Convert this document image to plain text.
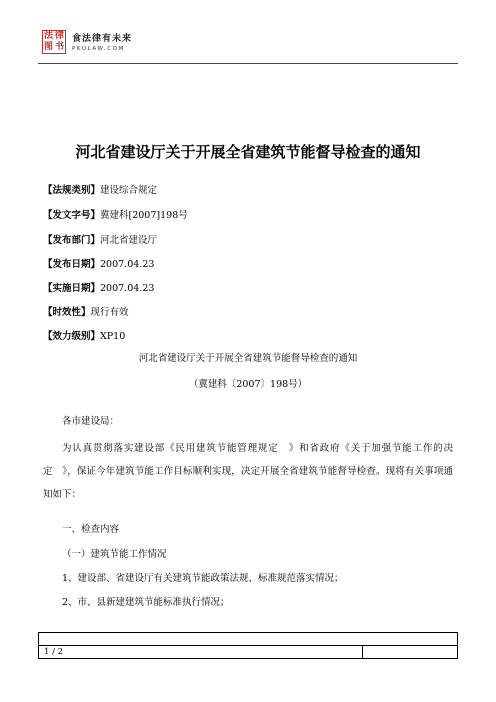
法 律
图 书
食法律有未来
PKULAW.COM
河北省建设厅关于开展全省建筑节能督导检查的通知
【法规类别】建设综合规定
【发文字号】冀建科[2007]198号
【发布部门】河北省建设厅
【发布日期】2007.04.23
【实施日期】2007.04.23
【时效性】现行有效
【效力级别】XP10
河北省建设厅关于开展全省建筑节能督导检查的通知
（冀建科〔2007〕198号）
各市建设局：
为认真贯彻落实建设部《民用建筑节能管理规定　》和省政府《关于加强节能工作的决定　》，保证今年建筑节能工作目标顺利实现，决定开展全省建筑节能督导检查。现将有关事项通知如下：
一、检查内容
（一）建筑节能工作情况
1、建设部、省建设厅有关建筑节能政策法规、标准规范落实情况；
2、市、县新建建筑节能标准执行情况；
1 / 2
